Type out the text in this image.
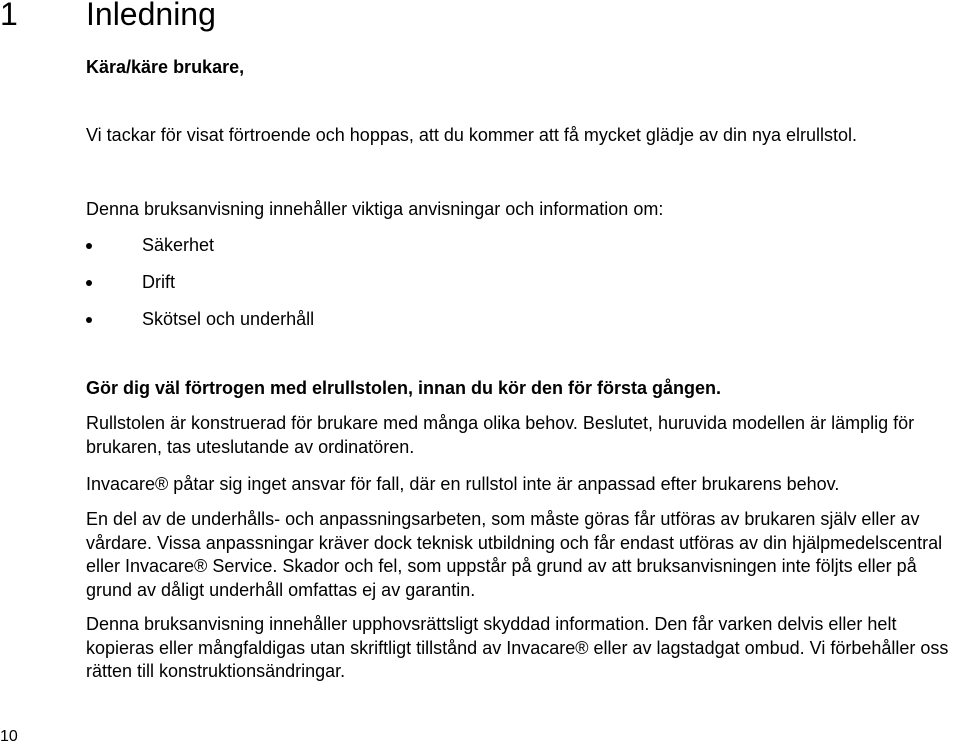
1 Inledning

Kära/käre brukare,

Vi tackar för visat förtroende och hoppas, att du kommer att få mycket glädje av din nya elrullstol.

Denna bruksanvisning innehåller viktiga anvisningar och information om:

Säkerhet
Drift
Skötsel och underhåll

Gör dig väl förtrogen med elrullstolen, innan du kör den för första gången.

Rullstolen är konstruerad för brukare med många olika behov. Beslutet, huruvida modellen är lämplig för brukaren, tas uteslutande av ordinatören.

Invacare® påtar sig inget ansvar för fall, där en rullstol inte är anpassad efter brukarens behov.

En del av de underhålls- och anpassningsarbeten, som måste göras får utföras av brukaren själv eller av vårdare. Vissa anpassningar kräver dock teknisk utbildning och får endast utföras av din hjälpmedelscentral eller Invacare® Service. Skador och fel, som uppstår på grund av att bruksanvisningen inte följts eller på grund av dåligt underhåll omfattas ej av garantin.

Denna bruksanvisning innehåller upphovsrättsligt skyddad information. Den får varken delvis eller helt kopieras eller mångfaldigas utan skriftligt tillstånd av Invacare® eller av lagstadgat ombud. Vi förbehåller oss rätten till konstruktionsändringar.

10
